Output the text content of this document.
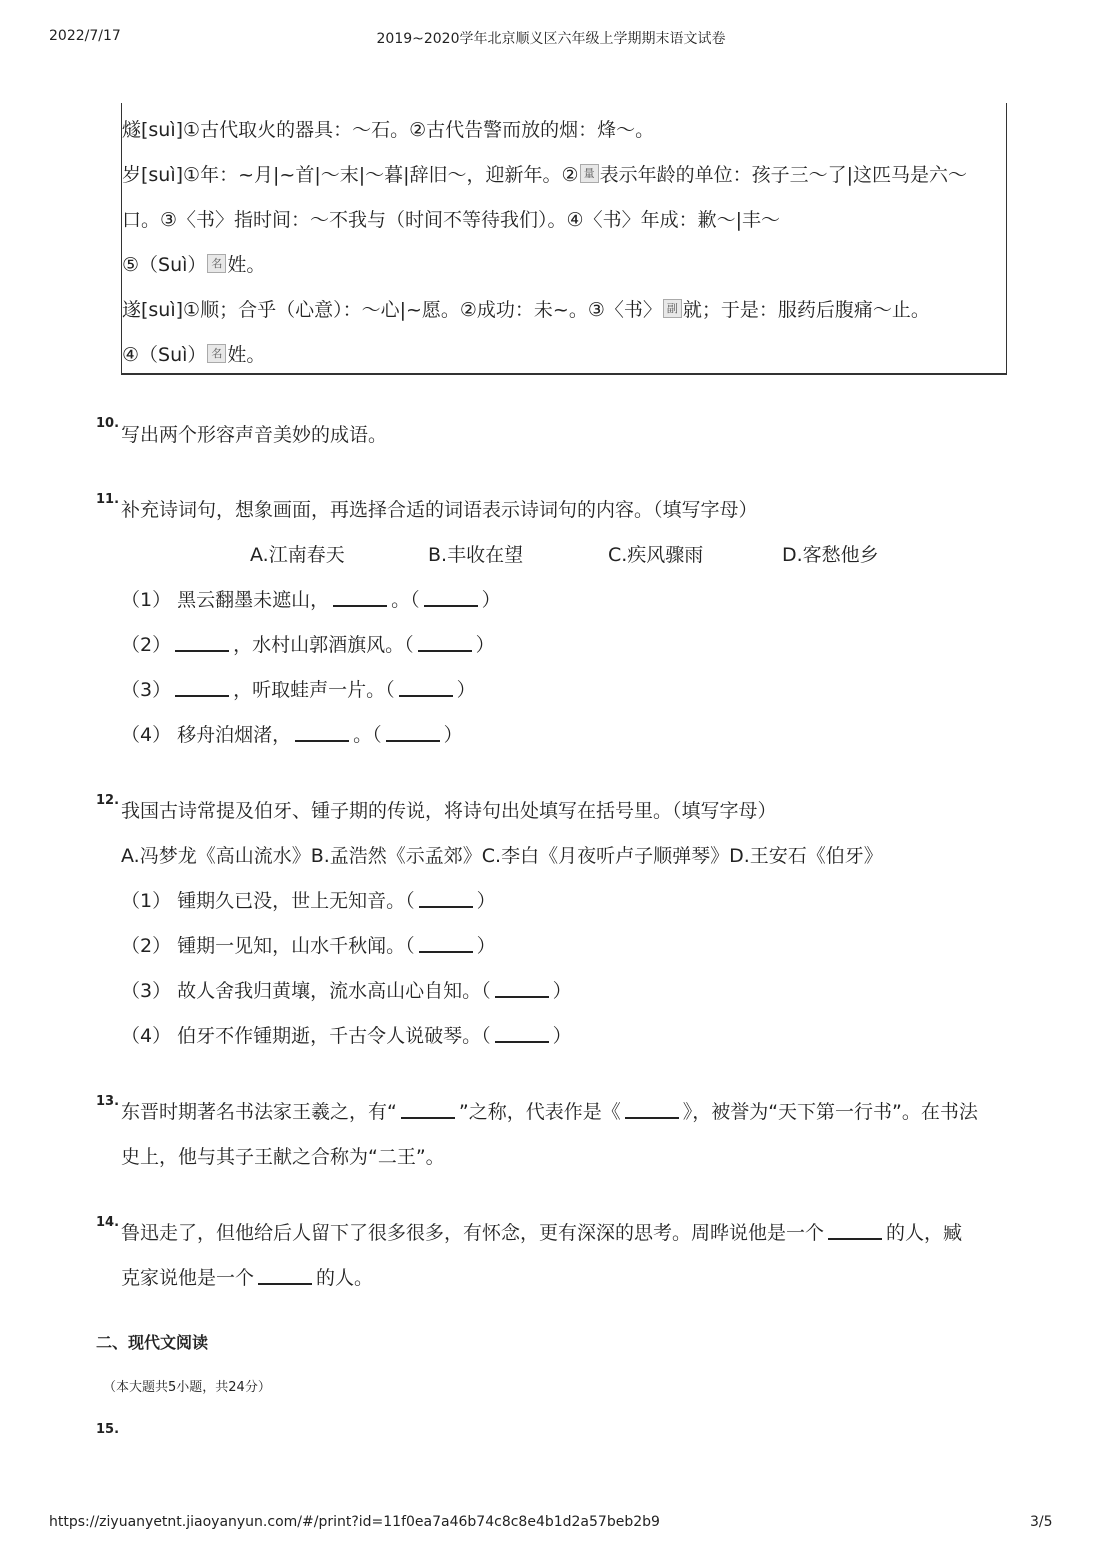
2022/7/17	2019~2020学年北京顺义区六年级上学期期末语文试卷
燧[suì]①古代取火的器具：～石。②古代告警而放的烟：烽～。
岁[suì]①年：~月|~首|～末|～暮|辞旧～，迎新年。② 量 表示年龄的单位：孩子三～了|这匹马是六～
口。③〈书〉指时间：～不我与（时间不等待我们）。④〈书〉年成：歉～|丰～
⑤（Suì） 名 姓。
遂[suì]①顺；合乎（心意）：～心|~愿。②成功：未~。③〈书〉 副 就；于是：服药后腹痛～止。
④（Suì） 名 姓。
10.
写出两个形容声音美妙的成语。
11. 补充诗词句，想象画面，再选择合适的词语表示诗词句的内容。（填写字母）
A.江南春天	B.丰收在望	C.疾风骤雨	D.客愁他乡
（1） 黑云翻墨未遮山，	。（	）
（2）	，水村山郭酒旗风。（	）
（3）	，听取蛙声一片。（	）
（4） 移舟泊烟渚，	。（	）
12. 我国古诗常提及伯牙、锺子期的传说，将诗句出处填写在括号里。（填写字母）
A.冯梦龙《高山流水》B.孟浩然《示孟郊》C.李白《月夜听卢子顺弹琴》D.王安石《伯牙》
（1） 锺期久已没，世上无知音。（	）
（2） 锺期一见知，山水千秋闻。（	）
（3） 故人舍我归黄壤，流水高山心自知。（	）
（4） 伯牙不作锺期逝，千古令人说破琴。（	）
13. 东晋时期著名书法家王羲之，有“	”之称，代表作是《	》，被誉为“天下第一行书”。在书法
史上，他与其子王献之合称为“二王”。
14. 鲁迅走了，但他给后人留下了很多很多，有怀念，更有深深的思考。周晔说他是一个	的人，臧
克家说他是一个	的人。
二、现代文阅读
（本大题共5小题，共24分）
15.
https://ziyuanyetnt.jiaoyanyun.com/#/print?id=11f0ea7a46b74c8c8e4b1d2a57beb2b9	3/5
